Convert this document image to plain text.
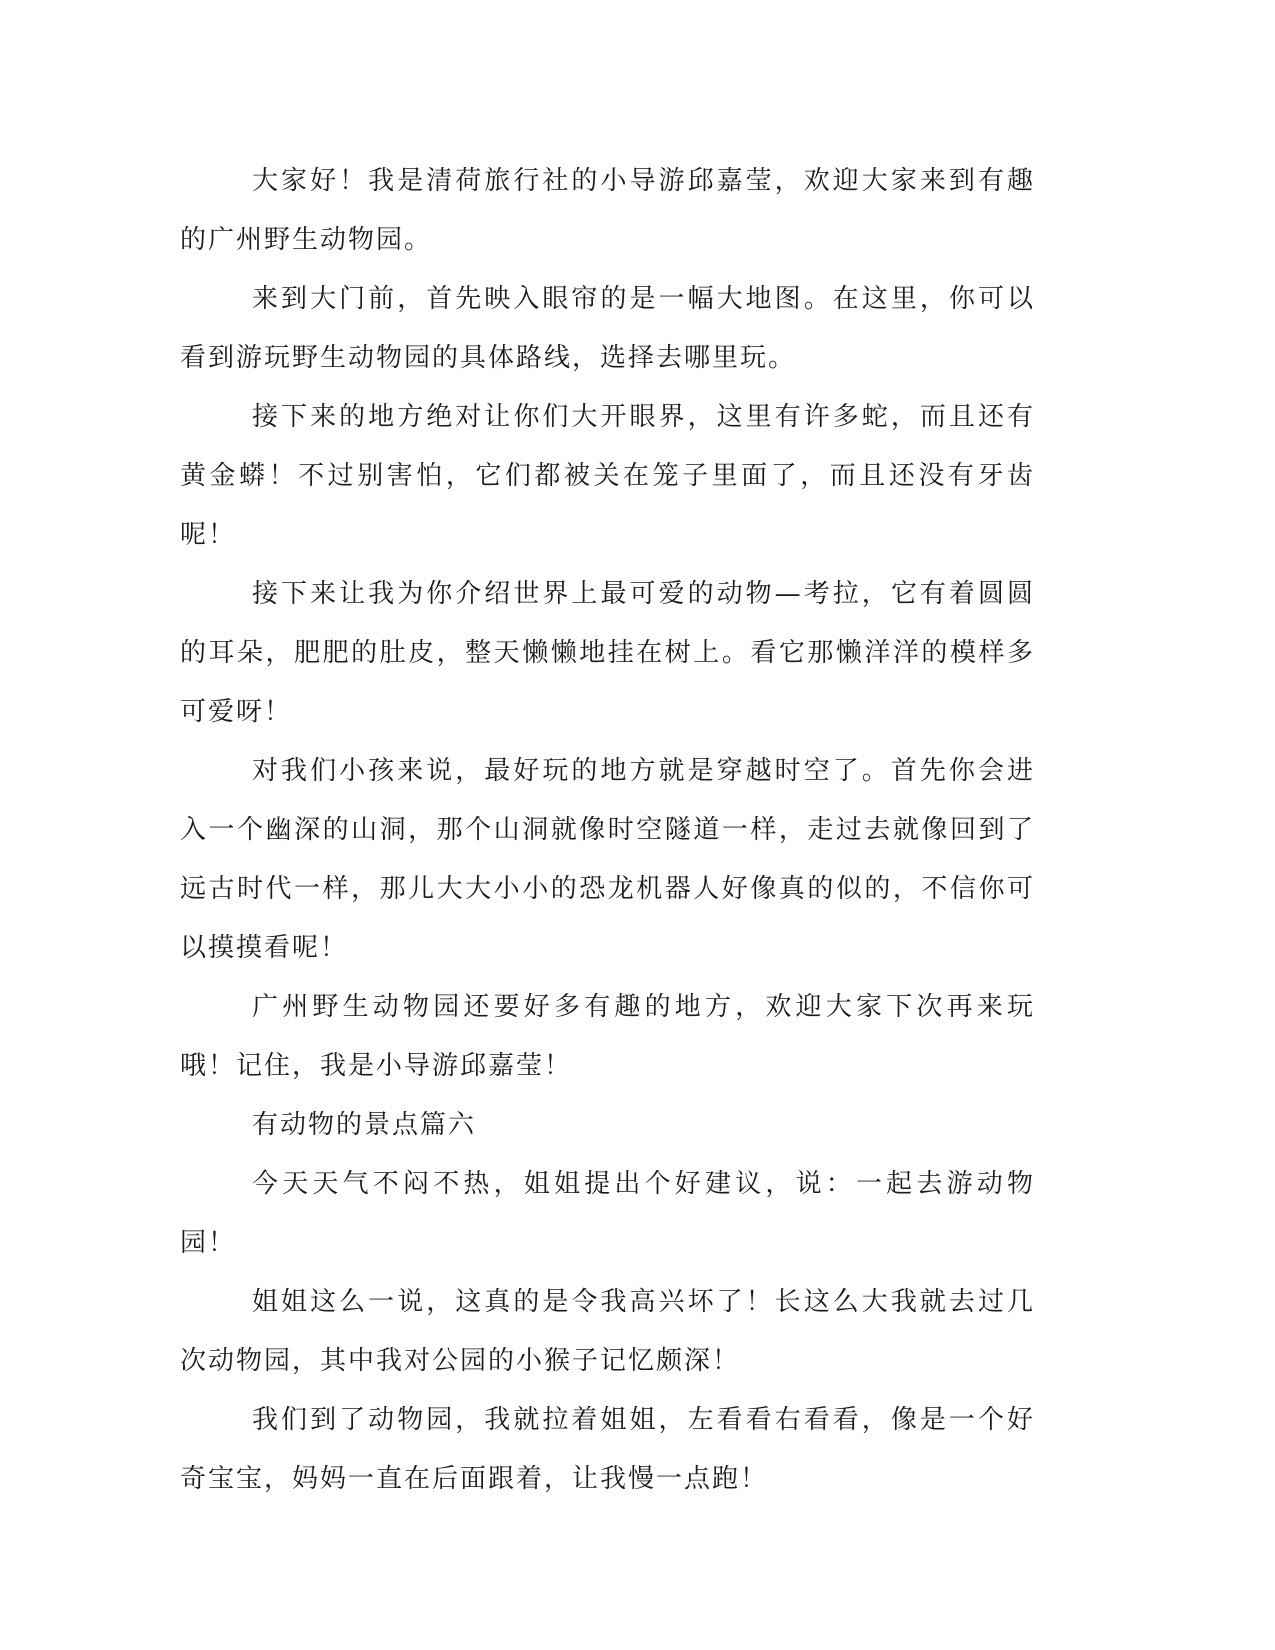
大家好！我是清荷旅行社的小导游邱嘉莹，欢迎大家来到有趣的广州野生动物园。

来到大门前，首先映入眼帘的是一幅大地图。在这里，你可以看到游玩野生动物园的具体路线，选择去哪里玩。

接下来的地方绝对让你们大开眼界，这里有许多蛇，而且还有黄金蟒！不过别害怕，它们都被关在笼子里面了，而且还没有牙齿呢！

接下来让我为你介绍世界上最可爱的动物—考拉，它有着圆圆的耳朵，肥肥的肚皮，整天懒懒地挂在树上。看它那懒洋洋的模样多可爱呀！

对我们小孩来说，最好玩的地方就是穿越时空了。首先你会进入一个幽深的山洞，那个山洞就像时空隧道一样，走过去就像回到了远古时代一样，那儿大大小小的恐龙机器人好像真的似的，不信你可以摸摸看呢！

广州野生动物园还要好多有趣的地方，欢迎大家下次再来玩哦！记住，我是小导游邱嘉莹！

有动物的景点篇六

今天天气不闷不热，姐姐提出个好建议，说：一起去游动物园！

姐姐这么一说，这真的是令我高兴坏了！长这么大我就去过几次动物园，其中我对公园的小猴子记忆颇深！

我们到了动物园，我就拉着姐姐，左看看右看看，像是一个好奇宝宝，妈妈一直在后面跟着，让我慢一点跑！
